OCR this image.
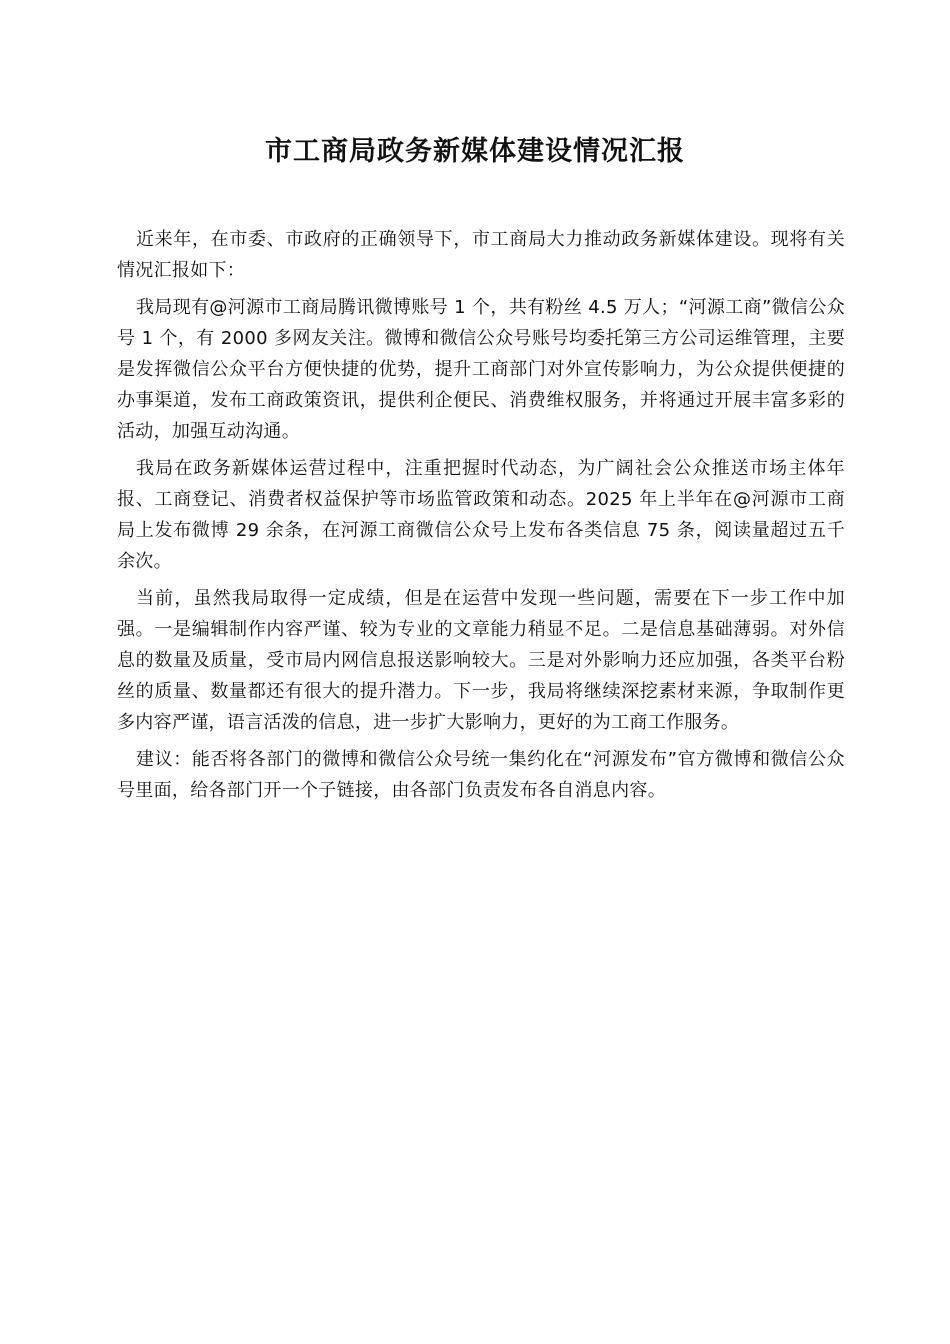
市工商局政务新媒体建设情况汇报

近来年，在市委、市政府的正确领导下，市工商局大力推动政务新媒体建设。现将有关情况汇报如下：

我局现有@河源市工商局腾讯微博账号 1 个，共有粉丝 4.5 万人；“河源工商”微信公众号 1 个，有 2000 多网友关注。微博和微信公众号账号均委托第三方公司运维管理，主要是发挥微信公众平台方便快捷的优势，提升工商部门对外宣传影响力，为公众提供便捷的办事渠道，发布工商政策资讯，提供利企便民、消费维权服务，并将通过开展丰富多彩的活动，加强互动沟通。

我局在政务新媒体运营过程中，注重把握时代动态，为广阔社会公众推送市场主体年报、工商登记、消费者权益保护等市场监管政策和动态。2025 年上半年在@河源市工商局上发布微博 29 余条，在河源工商微信公众号上发布各类信息 75 条，阅读量超过五千余次。

当前，虽然我局取得一定成绩，但是在运营中发现一些问题，需要在下一步工作中加强。一是编辑制作内容严谨、较为专业的文章能力稍显不足。二是信息基础薄弱。对外信息的数量及质量，受市局内网信息报送影响较大。三是对外影响力还应加强，各类平台粉丝的质量、数量都还有很大的提升潜力。下一步，我局将继续深挖素材来源，争取制作更多内容严谨，语言活泼的信息，进一步扩大影响力，更好的为工商工作服务。

建议：能否将各部门的微博和微信公众号统一集约化在“河源发布”官方微博和微信公众号里面，给各部门开一个子链接，由各部门负责发布各自消息内容。
